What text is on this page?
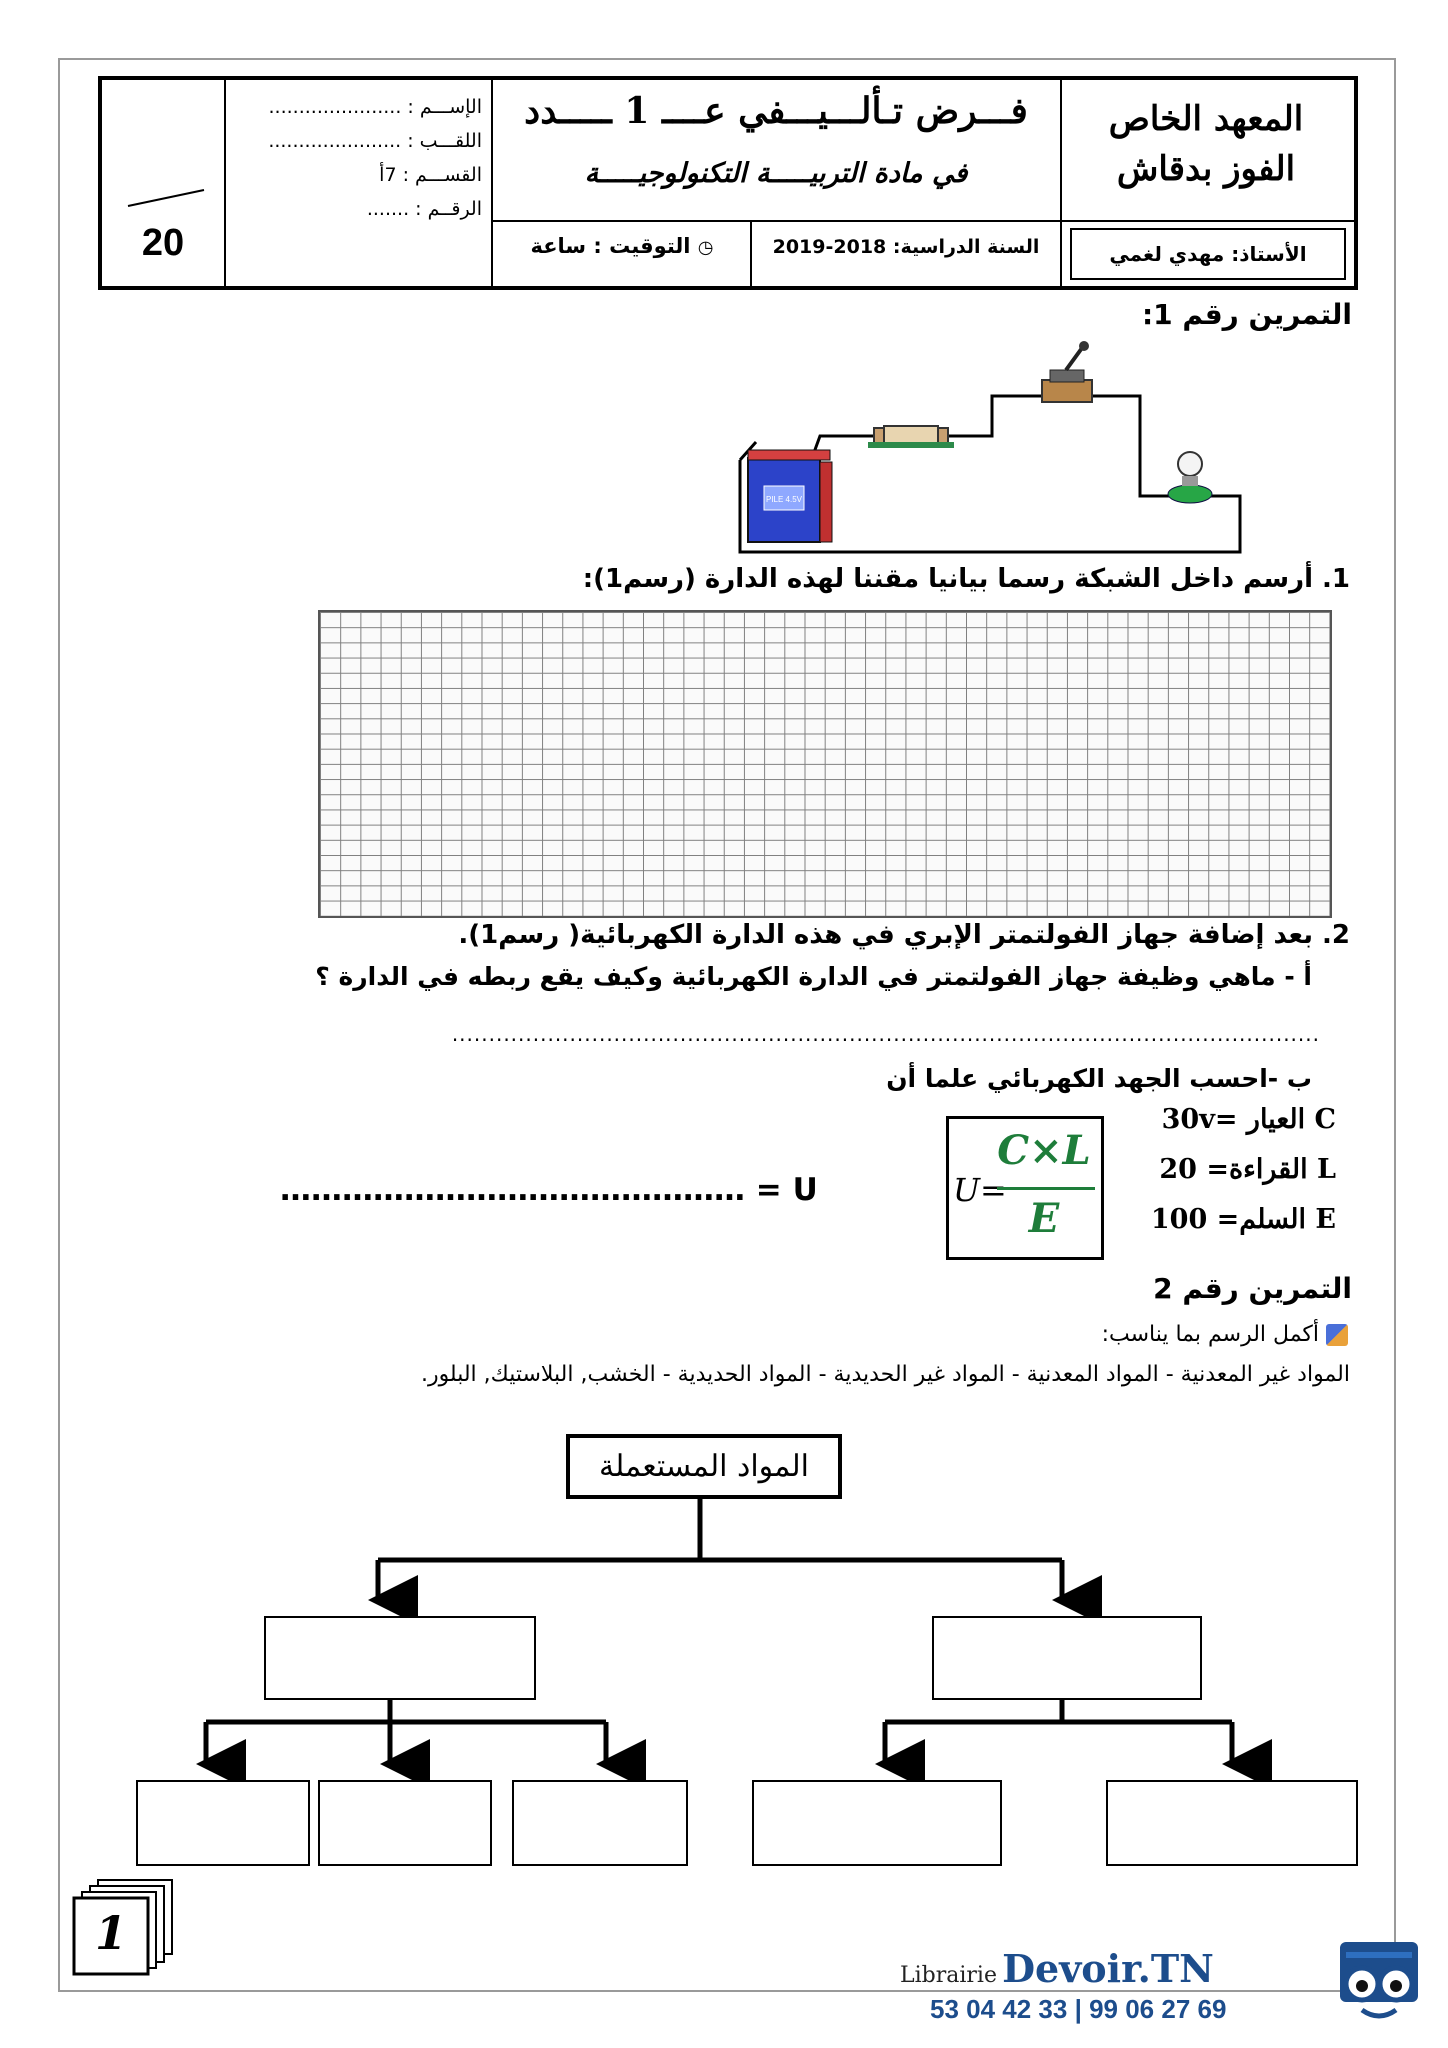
المعهد الخاص
الفوز بدقاش
الأستاذ: مهدي لغمي
فـــرض تـألـــيـــفي عــــ 1 ـــــدد
في مادة التربيـــــة التكنولوجيـــــة
السنة الدراسية: 2018-2019
◷ التوقيت : ساعة
الإســـم : ......................
اللقـــب : ......................
القســـم : 7أ
الرقــم : .......
20
التمرين رقم 1:
PILE 4.5V
1. أرسم داخل الشبكة رسما بيانيا مقننا لهذه الدارة (رسم1):
2. بعد إضافة جهاز الفولتمتر الإبري في هذه الدارة الكهربائية( رسم1).
أ - ماهي وظيفة جهاز الفولتمتر في الدارة الكهربائية وكيف يقع ربطه في الدارة ؟
......................................................................................................................
ب -احسب الجهد الكهربائي علما أن
U = ………………………………………	U=
C×L
E
C العيار =30v
L القراءة= 20
E السلم= 100
التمرين رقم 2
أكمل الرسم بما يناسب:
المواد غير المعدنية - المواد المعدنية - المواد غير الحديدية - المواد الحديدية - الخشب, البلاستيك, البلور.
المواد المستعملة
1
Librairie Devoir.TN
53 04 42 33 | 99 06 27 69
